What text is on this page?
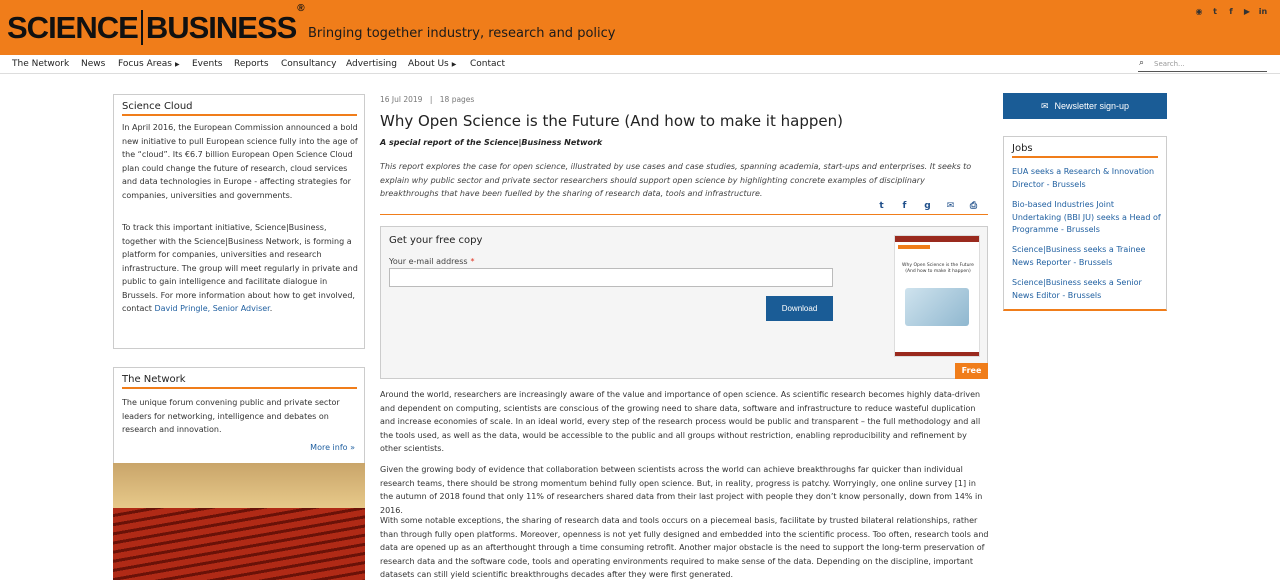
SCIENCE BUSINESS®
Bringing together industry, research and policy
◉	t	f	▶ in
The Network News Focus Areas ▶ Events Reports Consultancy Advertising About Us ▶ Contact	⌕ Search...
Science Cloud

In April 2016, the European Commission announced a bold new initiative to pull European science fully into the age of the “cloud”. Its €6.7 billion European Open Science Cloud plan could change the future of research, cloud services and data technologies in Europe - affecting strategies for companies, universities and governments.

To track this important initiative, Science|Business, together with the Science|Business Network, is forming a platform for companies, universities and research infrastructure. The group will meet regularly in private and public to gain intelligence and facilitate dialogue in Brussels. For more information about how to get involved, contact David Pringle, Senior Adviser.

The Network

The unique forum convening public and private sector leaders for networking, intelligence and debates on research and innovation.

More info »
16 Jul 2019 | 18 pages
Why Open Science is the Future (And how to make it happen)
A special report of the Science|Business Network
This report explores the case for open science, illustrated by use cases and case studies, spanning academia, start-ups and enterprises. It seeks to explain why public sector and private sector researchers should support open science by highlighting concrete examples of disciplinary breakthroughs that have been fuelled by the sharing of research data, tools and infrastructure.
t	f	g ✉ ⎙
Get your free copy
Your e-mail address *
Download
Why Open Science is the Future (And how to make it happen)
Free

Around the world, researchers are increasingly aware of the value and importance of open science. As scientific research becomes highly data-driven and dependent on computing, scientists are conscious of the growing need to share data, software and infrastructure to reduce wasteful duplication and increase economies of scale. In an ideal world, every step of the research process would be public and transparent – the full methodology and all the tools used, as well as the data, would be accessible to the public and all groups without restriction, enabling reproducibility and refinement by other scientists.

Given the growing body of evidence that collaboration between scientists across the world can achieve breakthroughs far quicker than individual research teams, there should be strong momentum behind fully open science. But, in reality, progress is patchy. Worryingly, one online survey [1] in the autumn of 2018 found that only 11% of researchers shared data from their last project with people they don’t know personally, down from 14% in 2016.

With some notable exceptions, the sharing of research data and tools occurs on a piecemeal basis, facilitate by trusted bilateral relationships, rather than through fully open platforms. Moreover, openness is not yet fully designed and embedded into the scientific process. Too often, research tools and data are opened up as an afterthought through a time consuming retrofit. Another major obstacle is the need to support the long-term preservation of research data and the software code, tools and operating environments required to make sense of the data. Depending on the discipline, important datasets can still yield scientific breakthroughs decades after they were first generated.

✉ Newsletter sign-up
Jobs
EUA seeks a Research & Innovation Director - Brussels
Bio-based Industries Joint Undertaking (BBI JU) seeks a Head of Programme - Brussels
Science|Business seeks a Trainee News Reporter - Brussels
Science|Business seeks a Senior News Editor - Brussels
